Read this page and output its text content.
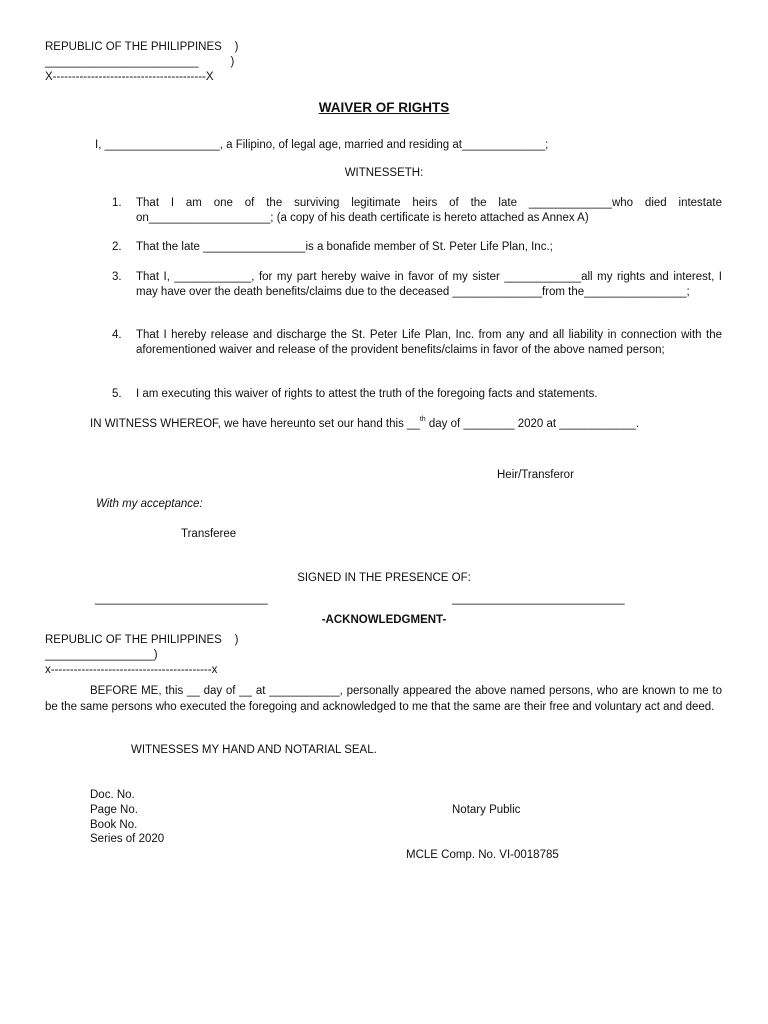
REPUBLIC OF THE PHILIPPINES    )
________________________          )
X----------------------------------------X
WAIVER OF RIGHTS
I, __________________, a Filipino, of legal age, married and residing at_____________;
WITNESSETH:
1. That I am one of the surviving legitimate heirs of the late _____________who died intestate on___________________; (a copy of his death certificate is hereto attached as Annex A)
2. That the late ________________is a bonafide member of St. Peter Life Plan, Inc.;
3. That I, ____________, for my part hereby waive in favor of my sister ____________all my rights and interest, I may have over the death benefits/claims due to the deceased ______________from the________________;
4. That I hereby release and discharge the St. Peter Life Plan, Inc. from any and all liability in connection with the aforementioned waiver and release of the provident benefits/claims in favor of the above named person;
5. I am executing this waiver of rights to attest the truth of the foregoing facts and statements.
IN WITNESS WHEREOF, we have hereunto set our hand this __$^{th}$ day of ________ 2020 at ____________.
Heir/Transferor
With my acceptance:
Transferee
SIGNED IN THE PRESENCE OF:
___________________________	___________________________
-ACKNOWLEDGMENT-
REPUBLIC OF THE PHILIPPINES    )
_________________)
x------------------------------------------x
BEFORE ME, this __ day of __ at ___________, personally appeared the above named persons, who are known to me to be the same persons who executed the foregoing and acknowledged to me that the same are their free and voluntary act and deed.
WITNESSES MY HAND AND NOTARIAL SEAL.
Doc. No.
Page No.
Book No.
Series of 2020
Notary Public
MCLE Comp. No. VI-0018785
